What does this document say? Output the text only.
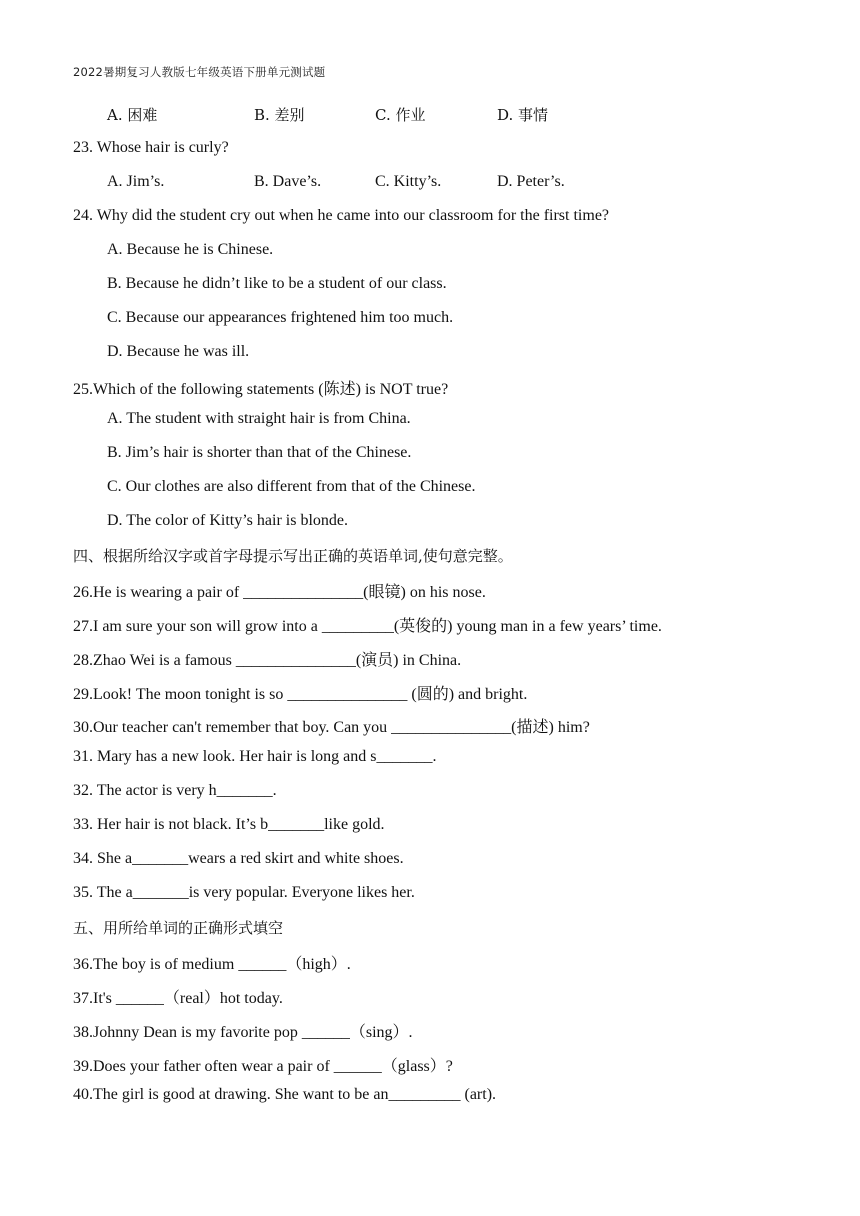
2022暑期复习人教版七年级英语下册单元测试题
A. 困难	B. 差别	C. 作业	D. 事情
23. Whose hair is curly?
A. Jim’s.	B. Dave’s.	C. Kitty’s.	D. Peter’s.
24. Why did the student cry out when he came into our classroom for the first time?
A. Because he is Chinese.
B. Because he didn’t like to be a student of our class.
C. Because our appearances frightened him too much.
D. Because he was ill.
25.Which of the following statements (陈述) is NOT true?
A. The student with straight hair is from China.
B. Jim’s hair is shorter than that of the Chinese.
C. Our clothes are also different from that of the Chinese.
D. The color of Kitty’s hair is blonde.
四、根据所给汉字或首字母提示写出正确的英语单词,使句意完整。
26.He is wearing a pair of _______________(眼镜) on his nose.
27.I am sure your son will grow into a _________(英俊的) young man in a few years’ time.
28.Zhao Wei is a famous _______________(演员) in China.
29.Look! The moon tonight is so _______________ (圆的) and bright.
30.Our teacher can't remember that boy. Can you _______________(描述) him?
31. Mary has a new look. Her hair is long and s_______.
32. The actor is very h_______.
33. Her hair is not black. It’s b_______like gold.
34. She a_______wears a red skirt and white shoes.
35. The a_______is very popular. Everyone likes her.
五、用所给单词的正确形式填空
36.The boy is of medium ______（high）.
37.It's ______（real）hot today.
38.Johnny Dean is my favorite pop ______（sing）.
39.Does your father often wear a pair of ______（glass）?
40.The girl is good at drawing. She want to be an_________ (art).
